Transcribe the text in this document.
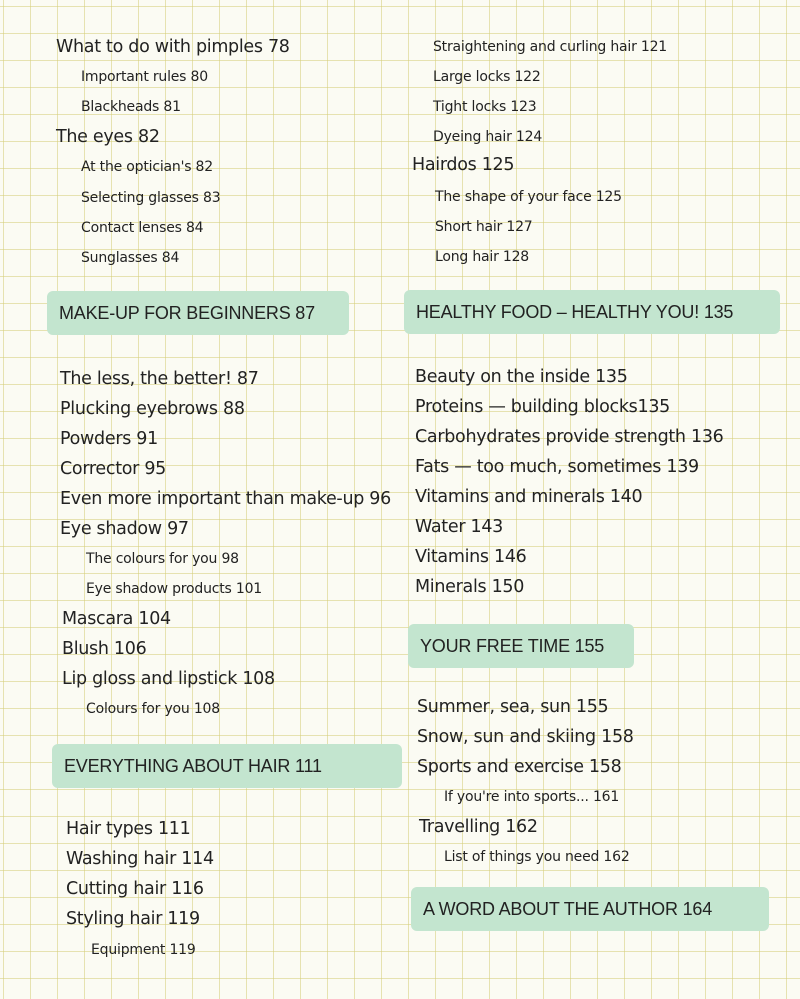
What to do with pimples 78
Important rules 80
Blackheads 81
The eyes 82
At the optician's 82
Selecting glasses 83
Contact lenses 84
Sunglasses 84
MAKE-UP FOR BEGINNERS 87
The less, the better! 87
Plucking eyebrows 88
Powders 91
Corrector 95
Even more important than make-up 96
Eye shadow 97
The colours for you 98
Eye shadow products 101
Mascara 104
Blush 106
Lip gloss and lipstick 108
Colours for you 108
EVERYTHING ABOUT HAIR 111
Hair types 111
Washing hair 114
Cutting hair 116
Styling hair 119
Equipment 119
Straightening and curling hair 121
Large locks 122
Tight locks 123
Dyeing hair 124
Hairdos 125
The shape of your face 125
Short hair 127
Long hair 128
HEALTHY FOOD – HEALTHY YOU! 135
Beauty on the inside 135
Proteins — building blocks135
Carbohydrates provide strength 136
Fats — too much, sometimes 139
Vitamins and minerals 140
Water 143
Vitamins 146
Minerals 150
YOUR FREE TIME 155
Summer, sea, sun 155
Snow, sun and skiing 158
Sports and exercise 158
If you're into sports... 161
Travelling 162
List of things you need 162
A WORD ABOUT THE AUTHOR 164
